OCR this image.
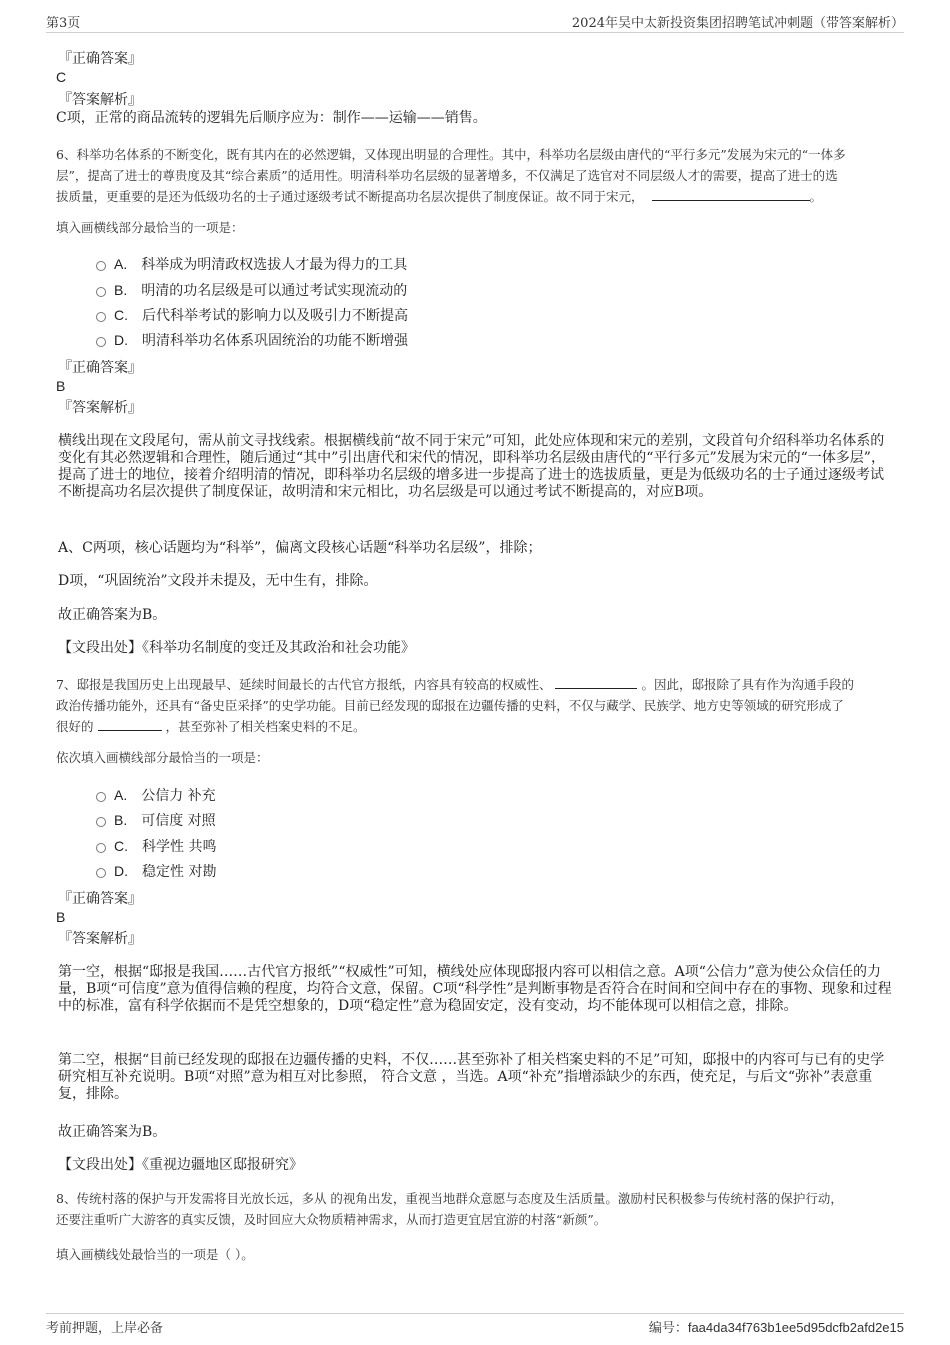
第3页	2024年吴中太新投资集团招聘笔试冲刺题（带答案解析）
『正确答案』
C
『答案解析』
C项，正常的商品流转的逻辑先后顺序应为：制作——运输——销售。
6、科举功名体系的不断变化，既有其内在的必然逻辑，又体现出明显的合理性。其中，科举功名层级由唐代的“平行多元”发展为宋元的“一体多
层”，提高了进士的尊贵度及其“综合素质”的适用性。明清科举功名层级的显著增多，不仅满足了选官对不同层级人才的需要，提高了进士的选
拔质量，更重要的是还为低级功名的士子通过逐级考试不断提高功名层次提供了制度保证。故不同于宋元，	。
填入画横线部分最恰当的一项是：
A. 科举成为明清政权选拔人才最为得力的工具
B. 明清的功名层级是可以通过考试实现流动的
C. 后代科举考试的影响力以及吸引力不断提高
D. 明清科举功名体系巩固统治的功能不断增强
『正确答案』
B
『答案解析』
横线出现在文段尾句，需从前文寻找线索。根据横线前“故不同于宋元”可知，此处应体现和宋元的差别，文段首句介绍科举功名体系的变化有其必然逻辑和合理性，随后通过“其中”引出唐代和宋代的情况，即科举功名层级由唐代的“平行多元”发展为宋元的“一体多层”，提高了进士的地位，接着介绍明清的情况，即科举功名层级的增多进一步提高了进士的选拔质量，更是为低级功名的士子通过逐级考试不断提高功名层次提供了制度保证，故明清和宋元相比，功名层级是可以通过考试不断提高的，对应B项。
A、C两项，核心话题均为“科举”，偏离文段核心话题“科举功名层级”，排除；
D项，“巩固统治”文段并未提及，无中生有，排除。
故正确答案为B。
【文段出处】《科举功名制度的变迁及其政治和社会功能》
7、邸报是我国历史上出现最早、延续时间最长的古代官方报纸，内容具有较高的权威性、	。因此，邸报除了具有作为沟通手段的
政治传播功能外，还具有“备史臣采择”的史学功能。目前已经发现的邸报在边疆传播的史料，不仅与藏学、民族学、地方史等领域的研究形成了
很好的	，甚至弥补了相关档案史料的不足。
依次填入画横线部分最恰当的一项是：
A. 公信力 补充
B. 可信度 对照
C. 科学性 共鸣
D. 稳定性 对勘
『正确答案』
B
『答案解析』
第一空，根据“邸报是我国……古代官方报纸”“权威性”可知，横线处应体现邸报内容可以相信之意。A项“公信力”意为使公众信任的力量，B项“可信度”意为值得信赖的程度，均符合文意，保留。C项“科学性”是判断事物是否符合在时间和空间中存在的事物、现象和过程中的标准，富有科学依据而不是凭空想象的，D项“稳定性”意为稳固安定，没有变动，均不能体现可以相信之意，排除。
第二空，根据“目前已经发现的邸报在边疆传播的史料，不仅……甚至弥补了相关档案史料的不足”可知，邸报中的内容可与已有的史学研究相互补充说明。B项“对照”意为相互对比参照， 符合文意 ，当选。A项“补充”指增添缺少的东西，使充足，与后文“弥补”表意重复，排除。
故正确答案为B。
【文段出处】《重视边疆地区邸报研究》
8、传统村落的保护与开发需将目光放长远，多从 的视角出发，重视当地群众意愿与态度及生活质量。激励村民积极参与传统村落的保护行动，
还要注重听广大游客的真实反馈，及时回应大众物质精神需求，从而打造更宜居宜游的村落“新颜”。
填入画横线处最恰当的一项是（ ）。
考前押题，上岸必备	编号：faa4da34f763b1ee5d95dcfb2afd2e15
